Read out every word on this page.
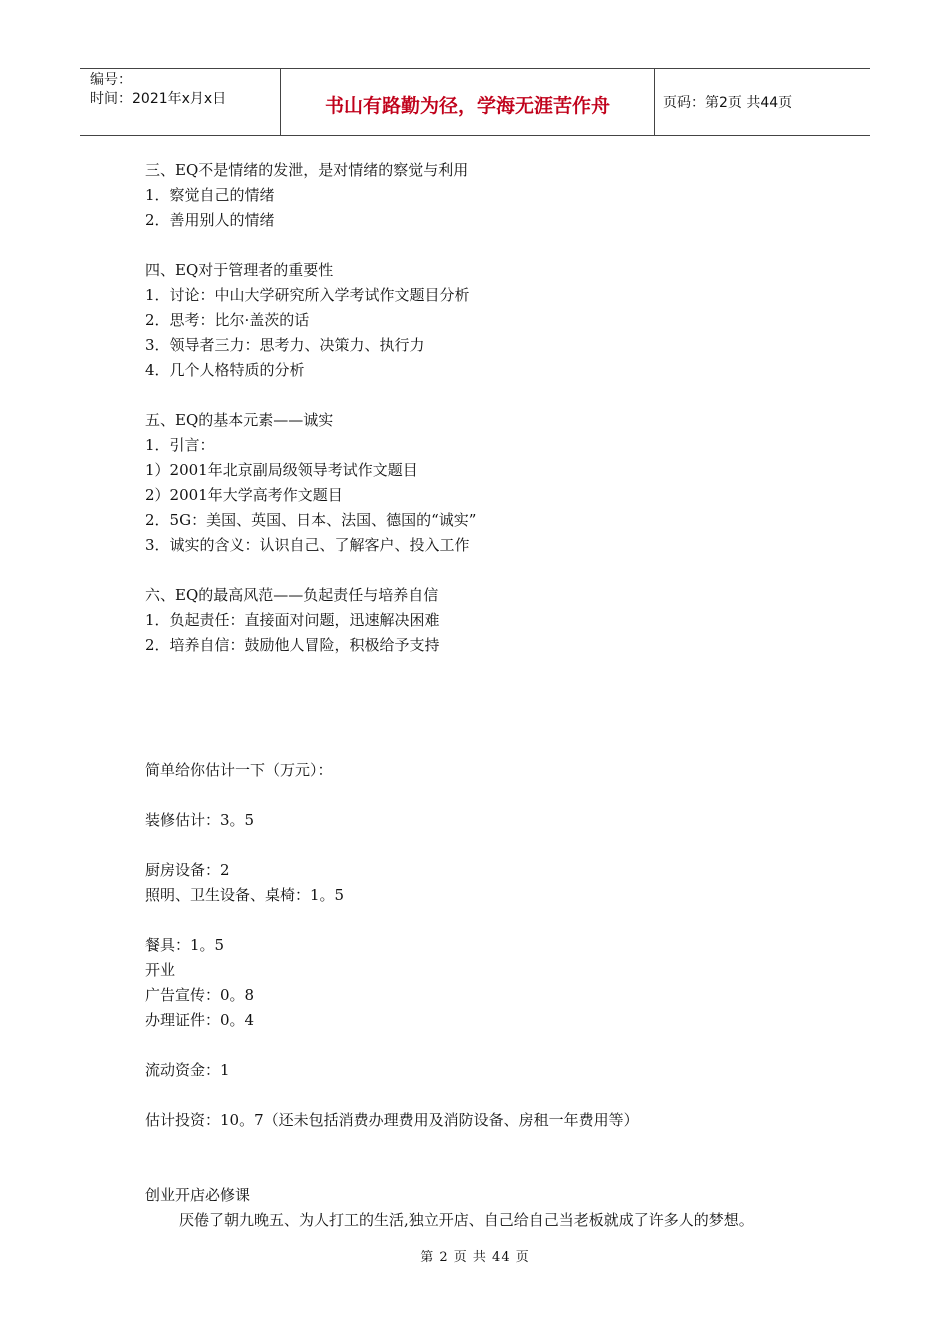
编号：
时间：2021年x月x日	书山有路勤为径，学海无涯苦作舟	页码：第2页 共44页
三、EQ不是情绪的发泄，是对情绪的察觉与利用
1．察觉自己的情绪
2．善用别人的情绪
四、EQ对于管理者的重要性
1．讨论：中山大学研究所入学考试作文题目分析
2．思考：比尔·盖茨的话
3．领导者三力：思考力、决策力、执行力
4．几个人格特质的分析
五、EQ的基本元素——诚实
1．引言：
1）2001年北京副局级领导考试作文题目
2）2001年大学高考作文题目
2．5G：美国、英国、日本、法国、德国的“诚实”
3．诚实的含义：认识自己、了解客户、投入工作
六、EQ的最高风范——负起责任与培养自信
1．负起责任：直接面对问题，迅速解决困难
2．培养自信：鼓励他人冒险，积极给予支持
简单给你估计一下（万元）：
装修估计：3。5
厨房设备：2
照明、卫生设备、桌椅：1。5
餐具：1。5
开业
广告宣传：0。8
办理证件：0。4
流动资金：1
估计投资：10。7（还未包括消费办理费用及消防设备、房租一年费用等）
创业开店必修课
厌倦了朝九晚五、为人打工的生活,独立开店、自己给自己当老板就成了许多人的梦想。
第 2 页 共 44 页
